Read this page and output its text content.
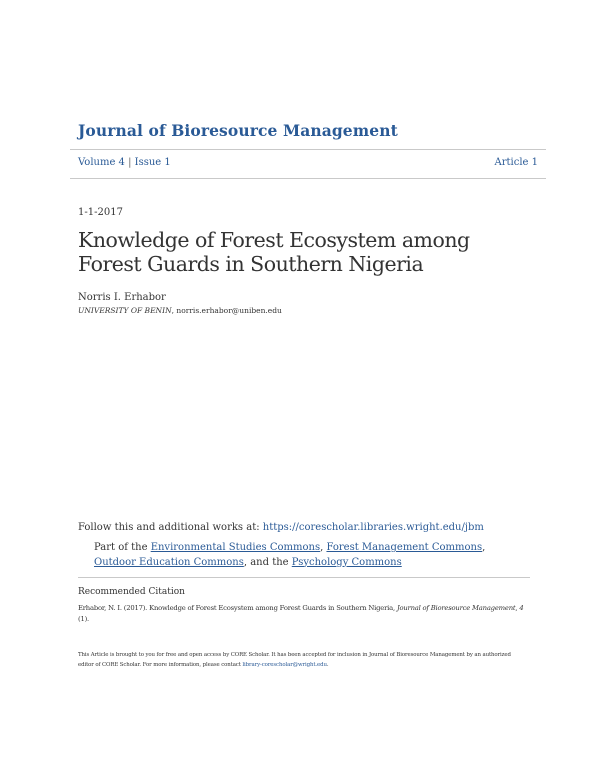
Journal of Bioresource Management
Volume 4 | Issue 1	Article 1
1-1-2017
Knowledge of Forest Ecosystem among Forest Guards in Southern Nigeria
Norris I. Erhabor
UNIVERSITY OF BENIN, norris.erhabor@uniben.edu
Follow this and additional works at: https://corescholar.libraries.wright.edu/jbm
Part of the Environmental Studies Commons, Forest Management Commons, Outdoor Education Commons, and the Psychology Commons
Recommended Citation
Erhabor, N. I. (2017). Knowledge of Forest Ecosystem among Forest Guards in Southern Nigeria, Journal of Bioresource Management, 4 (1).
This Article is brought to you for free and open access by CORE Scholar. It has been accepted for inclusion in Journal of Bioresource Management by an authorized editor of CORE Scholar. For more information, please contact library-corescholar@wright.edu.
